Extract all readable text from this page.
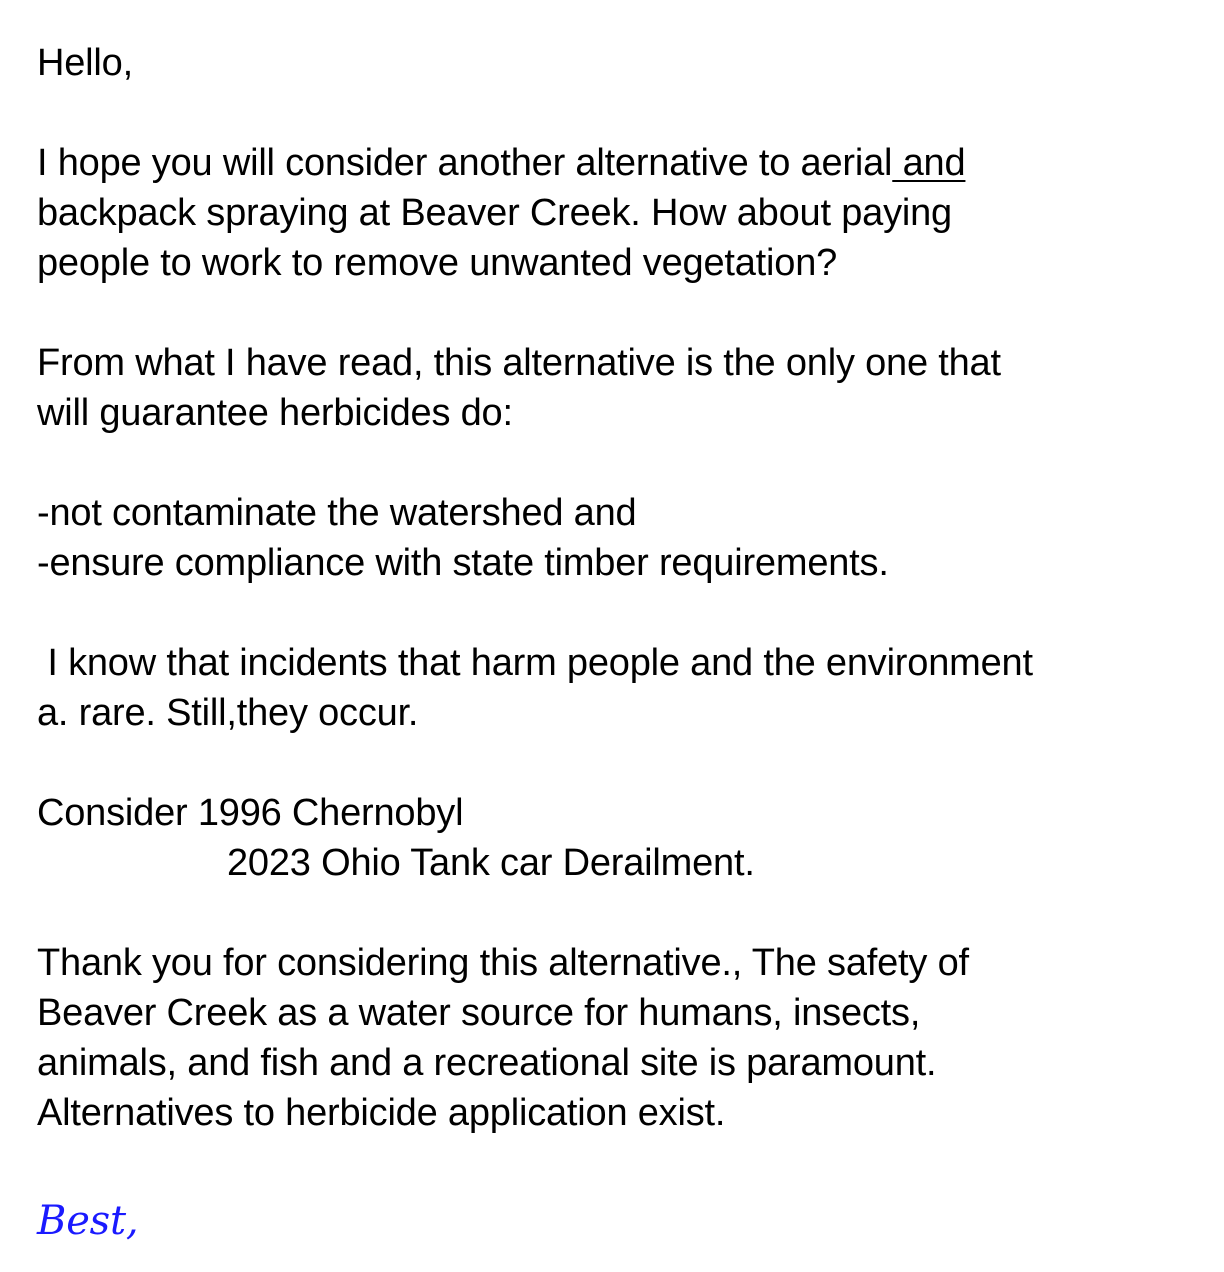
Hello,
I hope you will consider another alternative to aerial and
backpack spraying at Beaver Creek. How about paying
people to work to remove unwanted vegetation?
From what I have read, this alternative is the only one that
will guarantee herbicides do:
-not contaminate the watershed and
-ensure compliance with state timber requirements.
I know that incidents that harm people and the environment
a. rare. Still,they occur.
Consider 1996 Chernobyl
2023 Ohio Tank car Derailment.
Thank you for considering this alternative., The safety of
Beaver Creek as a water source for humans, insects,
animals, and fish and a recreational site is paramount.
Alternatives to herbicide application exist.
Best,
